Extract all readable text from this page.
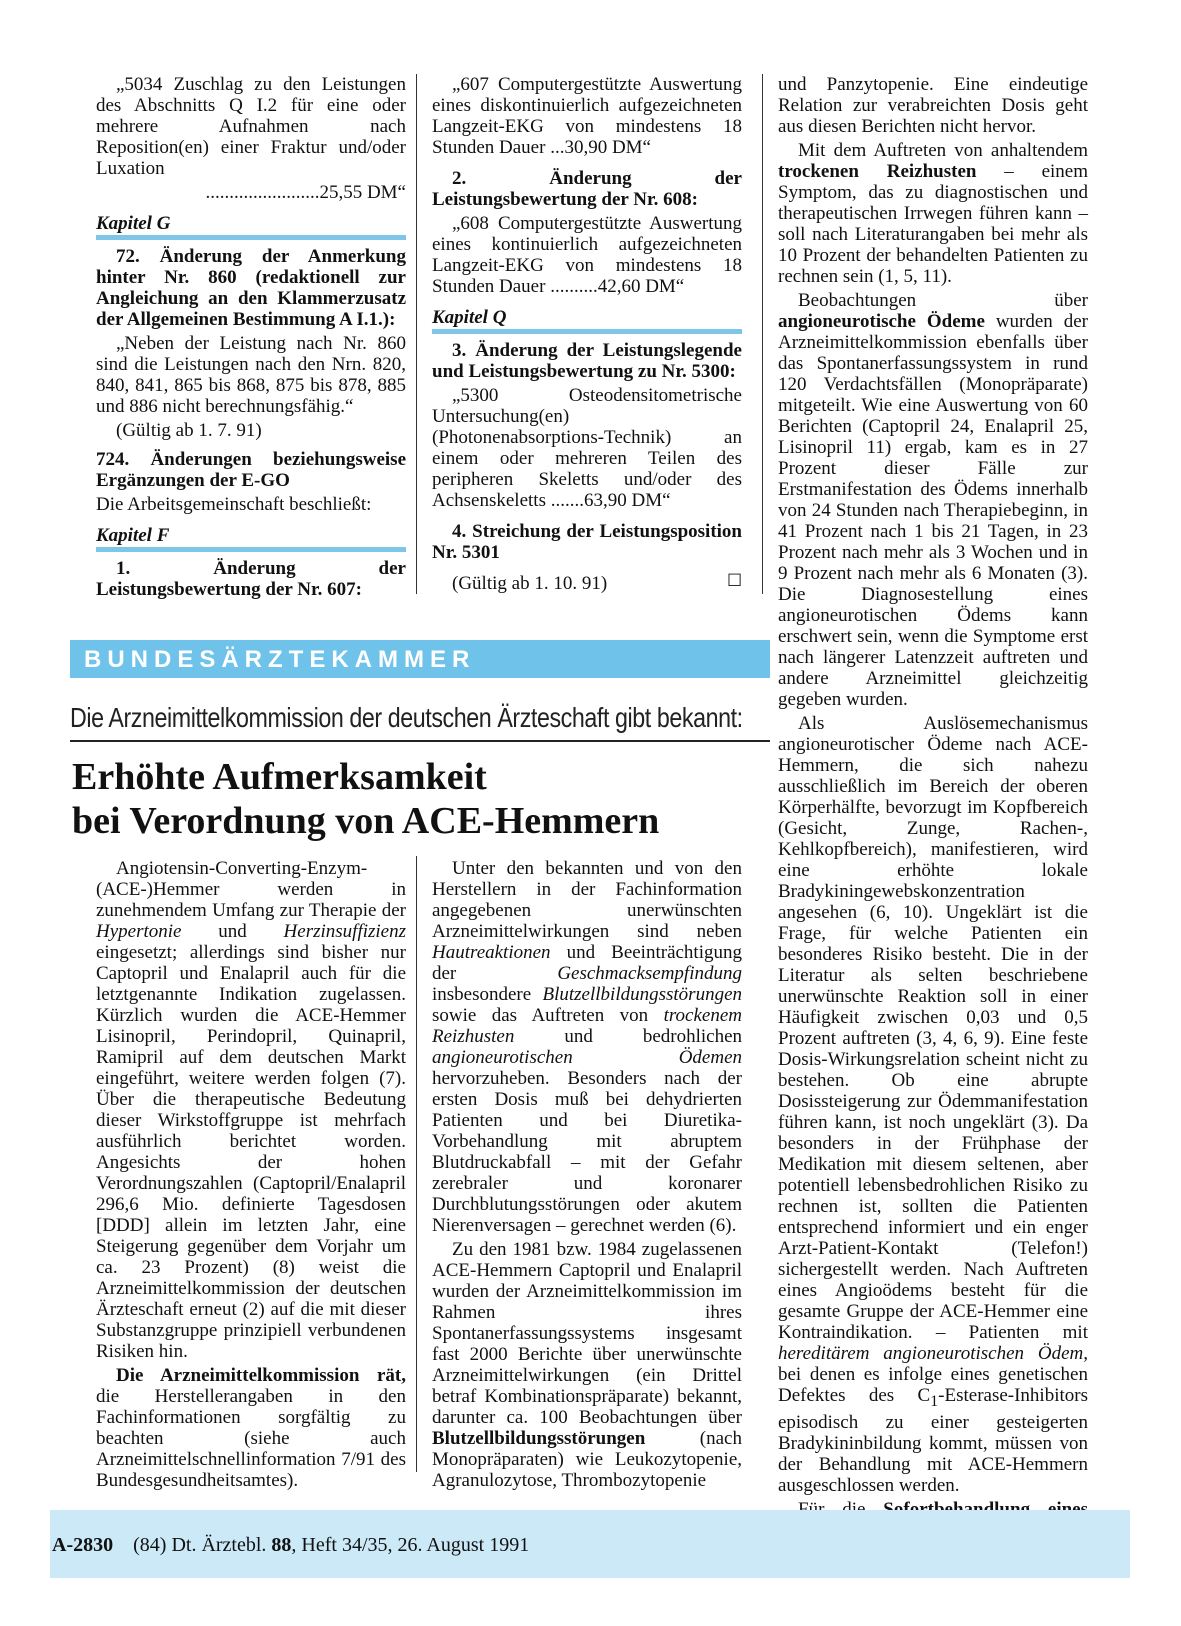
„5034 Zuschlag zu den Leistungen des Abschnitts Q I.2 für eine oder mehrere Aufnahmen nach Reposition(en) einer Fraktur und/oder Luxation

........................25,55 DM“

Kapitel G

72. Änderung der Anmerkung hinter Nr. 860 (redaktionell zur Angleichung an den Klammerzusatz der Allgemeinen Bestimmung A I.1.):

„Neben der Leistung nach Nr. 860 sind die Leistungen nach den Nrn. 820, 840, 841, 865 bis 868, 875 bis 878, 885 und 886 nicht berechnungsfähig.“

(Gültig ab 1. 7. 91)

724. Änderungen beziehungsweise Ergänzungen der E-GO

Die Arbeitsgemeinschaft beschließt:

Kapitel F

1. Änderung der Leistungsbewertung der Nr. 607:

„607 Computergestützte Auswertung eines diskontinuierlich aufgezeichneten Langzeit-EKG von mindestens 18 Stunden Dauer ...30,90 DM“

2. Änderung der Leistungsbewertung der Nr. 608:

„608 Computergestützte Auswertung eines kontinuierlich aufgezeichneten Langzeit-EKG von mindestens 18 Stunden Dauer ..........42,60 DM“

Kapitel Q

3. Änderung der Leistungslegende und Leistungsbewertung zu Nr. 5300:

„5300 Osteodensitometrische Untersuchung(en) (Photonenabsorptions-Technik) an einem oder mehreren Teilen des peripheren Skeletts und/oder des Achsenskeletts .......63,90 DM“

4. Streichung der Leistungsposition Nr. 5301

(Gültig ab 1. 10. 91)	☐
BUNDESÄRZTEKAMMER
Die Arzneimittelkommission der deutschen Ärzteschaft gibt bekannt:
Erhöhte Aufmerksamkeit
bei Verordnung von ACE-Hemmern

Angiotensin-Converting-Enzym-(ACE-)Hemmer werden in zunehmendem Umfang zur Therapie der Hypertonie und Herzinsuffizienz eingesetzt; allerdings sind bisher nur Captopril und Enalapril auch für die letztgenannte Indikation zugelassen. Kürzlich wurden die ACE-Hemmer Lisinopril, Perindopril, Quinapril, Ramipril auf dem deutschen Markt eingeführt, weitere werden folgen (7). Über die therapeutische Bedeutung dieser Wirkstoffgruppe ist mehrfach ausführlich berichtet worden. Angesichts der hohen Verordnungszahlen (Captopril/Enalapril 296,6 Mio. definierte Tagesdosen [DDD] allein im letzten Jahr, eine Steigerung gegenüber dem Vorjahr um ca. 23 Prozent) (8) weist die Arzneimittelkommission der deutschen Ärzteschaft erneut (2) auf die mit dieser Substanzgruppe prinzipiell verbundenen Risiken hin.

Die Arzneimittelkommission rät, die Herstellerangaben in den Fachinformationen sorgfältig zu beachten (siehe auch Arzneimittelschnellinformation 7/91 des Bundesgesundheitsamtes).

Unter den bekannten und von den Herstellern in der Fachinformation angegebenen unerwünschten Arzneimittelwirkungen sind neben Hautreaktionen und Beeinträchtigung der Geschmacksempfindung insbesondere Blutzellbildungsstörungen sowie das Auftreten von trockenem Reizhusten und bedrohlichen angioneurotischen Ödemen hervorzuheben. Besonders nach der ersten Dosis muß bei dehydrierten Patienten und bei Diuretika-Vorbehandlung mit abruptem Blutdruckabfall – mit der Gefahr zerebraler und koronarer Durchblutungsstörungen oder akutem Nierenversagen – gerechnet werden (6).

Zu den 1981 bzw. 1984 zugelassenen ACE-Hemmern Captopril und Enalapril wurden der Arzneimittelkommission im Rahmen ihres Spontanerfassungssystems insgesamt fast 2000 Berichte über unerwünschte Arzneimittelwirkungen (ein Drittel betraf Kombinationspräparate) bekannt, darunter ca. 100 Beobachtungen über Blutzellbildungsstörungen (nach Monopräparaten) wie Leukozytopenie, Agranulozytose, Thrombozytopenie

und Panzytopenie. Eine eindeutige Relation zur verabreichten Dosis geht aus diesen Berichten nicht hervor.

Mit dem Auftreten von anhaltendem trockenen Reizhusten – einem Symptom, das zu diagnostischen und therapeutischen Irrwegen führen kann – soll nach Literaturangaben bei mehr als 10 Prozent der behandelten Patienten zu rechnen sein (1, 5, 11).

Beobachtungen über angioneurotische Ödeme wurden der Arzneimittelkommission ebenfalls über das Spontanerfassungssystem in rund 120 Verdachtsfällen (Monopräparate) mitgeteilt. Wie eine Auswertung von 60 Berichten (Captopril 24, Enalapril 25, Lisinopril 11) ergab, kam es in 27 Prozent dieser Fälle zur Erstmanifestation des Ödems innerhalb von 24 Stunden nach Therapiebeginn, in 41 Prozent nach 1 bis 21 Tagen, in 23 Prozent nach mehr als 3 Wochen und in 9 Prozent nach mehr als 6 Monaten (3). Die Diagnosestellung eines angioneurotischen Ödems kann erschwert sein, wenn die Symptome erst nach längerer Latenzzeit auftreten und andere Arzneimittel gleichzeitig gegeben wurden.

Als Auslösemechanismus angioneurotischer Ödeme nach ACE-Hemmern, die sich nahezu ausschließlich im Bereich der oberen Körperhälfte, bevorzugt im Kopfbereich (Gesicht, Zunge, Rachen-, Kehlkopfbereich), manifestieren, wird eine erhöhte lokale Bradykiningewebskonzentration angesehen (6, 10). Ungeklärt ist die Frage, für welche Patienten ein besonderes Risiko besteht. Die in der Literatur als selten beschriebene unerwünschte Reaktion soll in einer Häufigkeit zwischen 0,03 und 0,5 Prozent auftreten (3, 4, 6, 9). Eine feste Dosis-Wirkungsrelation scheint nicht zu bestehen. Ob eine abrupte Dosissteigerung zur Ödemmanifestation führen kann, ist noch ungeklärt (3). Da besonders in der Frühphase der Medikation mit diesem seltenen, aber potentiell lebensbedrohlichen Risiko zu rechnen ist, sollten die Patienten entsprechend informiert und ein enger Arzt-Patient-Kontakt (Telefon!) sichergestellt werden. Nach Auftreten eines Angioödems besteht für die gesamte Gruppe der ACE-Hemmer eine Kontraindikation. – Patienten mit hereditärem angioneurotischen Ödem, bei denen es infolge eines genetischen Defektes des $C_1-Esterase$-Inhibitors episodisch zu einer gesteigerten Bradykininbildung kommt, müssen von der Behandlung mit ACE-Hemmern ausgeschlossen werden.

A-2830 (84) Dt. Ärztebl. 88, Heft 34/35, 26. August 1991
